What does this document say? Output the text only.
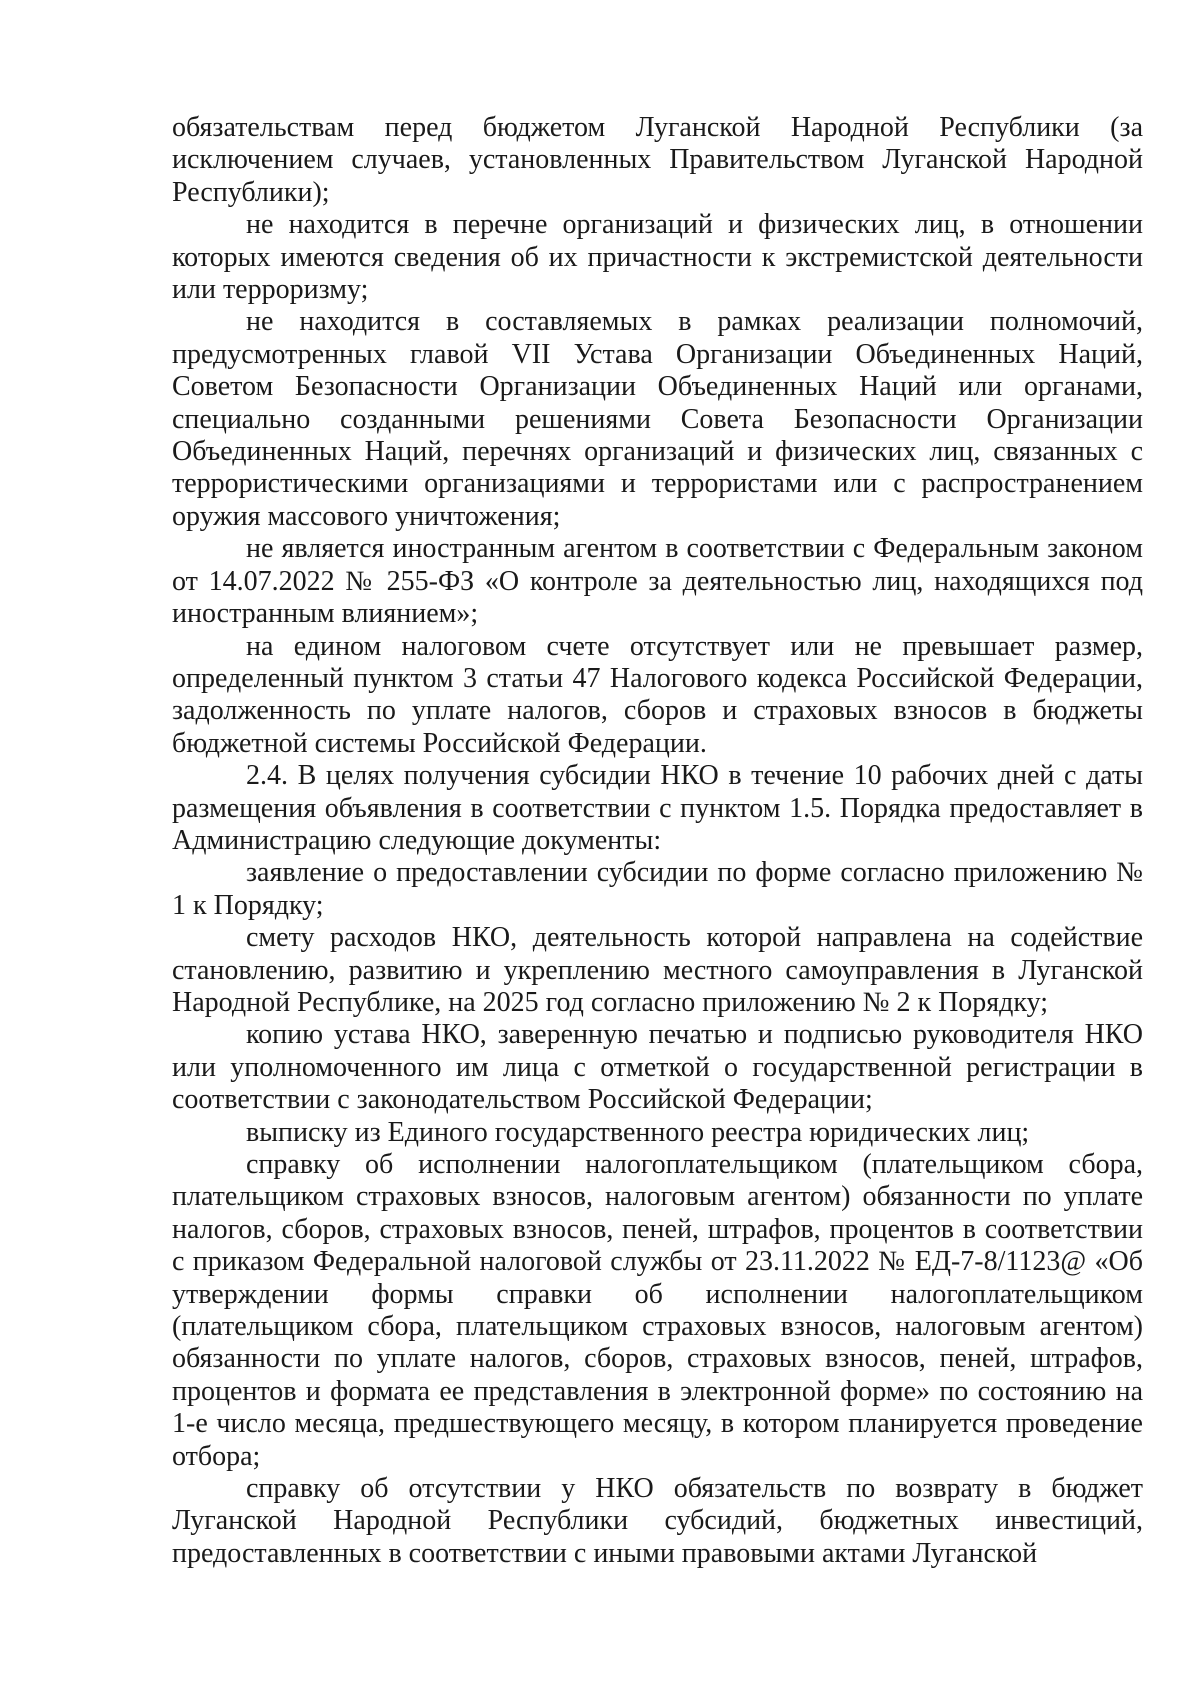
обязательствам перед бюджетом Луганской Народной Республики (за исключением случаев, установленных Правительством Луганской Народной Республики);

не находится в перечне организаций и физических лиц, в отношении которых имеются сведения об их причастности к экстремистской деятельности или терроризму;

не находится в составляемых в рамках реализации полномочий, предусмотренных главой VII Устава Организации Объединенных Наций, Советом Безопасности Организации Объединенных Наций или органами, специально созданными решениями Совета Безопасности Организации Объединенных Наций, перечнях организаций и физических лиц, связанных с террористическими организациями и террористами или с распространением оружия массового уничтожения;

не является иностранным агентом в соответствии с Федеральным законом от 14.07.2022 № 255-ФЗ «О контроле за деятельностью лиц, находящихся под иностранным влиянием»;

на едином налоговом счете отсутствует или не превышает размер, определенный пунктом 3 статьи 47 Налогового кодекса Российской Федерации, задолженность по уплате налогов, сборов и страховых взносов в бюджеты бюджетной системы Российской Федерации.

2.4. В целях получения субсидии НКО в течение 10 рабочих дней с даты размещения объявления в соответствии с пунктом 1.5. Порядка предоставляет в Администрацию следующие документы:

заявление о предоставлении субсидии по форме согласно приложению № 1 к Порядку;

смету расходов НКО, деятельность которой направлена на содействие становлению, развитию и укреплению местного самоуправления в Луганской Народной Республике, на 2025 год согласно приложению № 2 к Порядку;

копию устава НКО, заверенную печатью и подписью руководителя НКО или уполномоченного им лица с отметкой о государственной регистрации в соответствии с законодательством Российской Федерации;

выписку из Единого государственного реестра юридических лиц;

справку об исполнении налогоплательщиком (плательщиком сбора, плательщиком страховых взносов, налоговым агентом) обязанности по уплате налогов, сборов, страховых взносов, пеней, штрафов, процентов в соответствии с приказом Федеральной налоговой службы от 23.11.2022 № ЕД-7-8/1123@ «Об утверждении формы справки об исполнении налогоплательщиком (плательщиком сбора, плательщиком страховых взносов, налоговым агентом) обязанности по уплате налогов, сборов, страховых взносов, пеней, штрафов, процентов и формата ее представления в электронной форме» по состоянию на 1-е число месяца, предшествующего месяцу, в котором планируется проведение отбора;

справку об отсутствии у НКО обязательств по возврату в бюджет Луганской Народной Республики субсидий, бюджетных инвестиций, предоставленных в соответствии с иными правовыми актами Луганской
